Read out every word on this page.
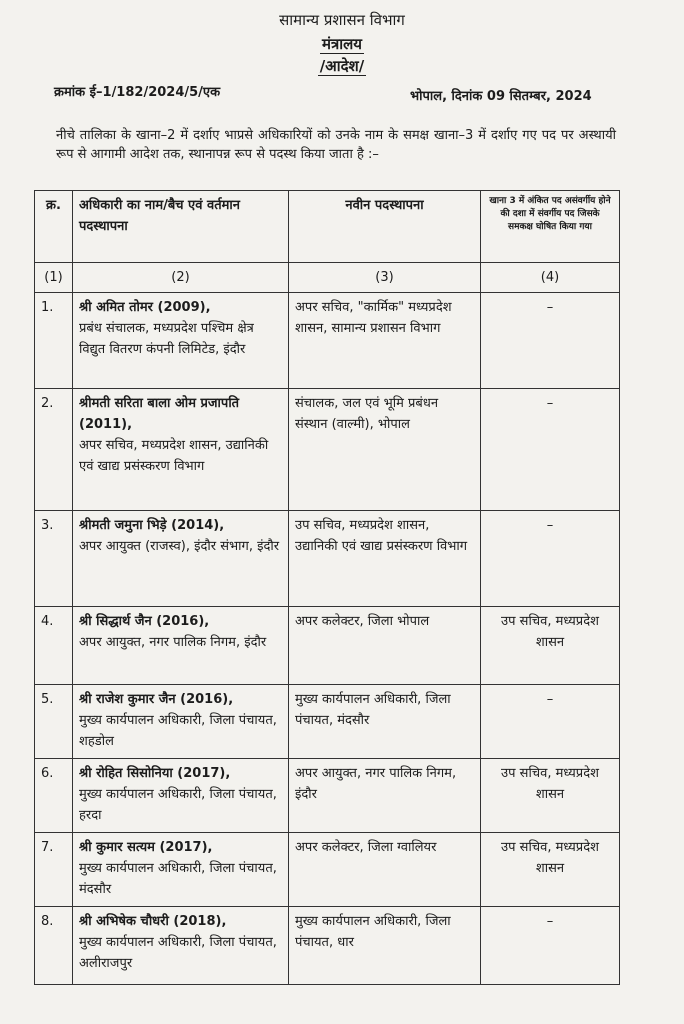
सामान्य प्रशासन विभाग
मंत्रालय
/आदेश/
क्रमांक ई–1/182/2024/5/एक	भोपाल, दिनांक 09 सितम्बर, 2024
नीचे तालिका के खाना–2 में दर्शाए भाप्रसे अधिकारियों को उनके नाम के समक्ष खाना–3 में दर्शाए गए पद पर अस्थायी रूप से आगामी आदेश तक, स्थानापन्न रूप से पदस्थ किया जाता है :–
क्र.	अधिकारी का नाम/बैच एवं वर्तमान पदस्थापना	नवीन पदस्थापना	खाना 3 में अंकित पद असंवर्गीय होने की दशा में संवर्गीय पद जिसके समकक्ष घोषित किया गया
(1)	(2)	(3)	(4)
1.	श्री अमित तोमर (2009),
प्रबंध संचालक, मध्यप्रदेश पश्चिम क्षेत्र विद्युत वितरण कंपनी लिमिटेड, इंदौर	अपर सचिव, "कार्मिक" मध्यप्रदेश शासन, सामान्य प्रशासन विभाग	–
2.	श्रीमती सरिता बाला ओम प्रजापति (2011),
अपर सचिव, मध्यप्रदेश शासन, उद्यानिकी एवं खाद्य प्रसंस्करण विभाग	संचालक, जल एवं भूमि प्रबंधन संस्थान (वाल्मी), भोपाल	–
3.	श्रीमती जमुना भिड़े (2014),
अपर आयुक्त (राजस्व), इंदौर संभाग, इंदौर	उप सचिव, मध्यप्रदेश शासन, उद्यानिकी एवं खाद्य प्रसंस्करण विभाग	–
4.	श्री सिद्धार्थ जैन (2016),
अपर आयुक्त, नगर पालिक निगम, इंदौर	अपर कलेक्टर, जिला भोपाल	उप सचिव, मध्यप्रदेश शासन
5.	श्री राजेश कुमार जैन (2016),
मुख्य कार्यपालन अधिकारी, जिला पंचायत, शहडोल	मुख्य कार्यपालन अधिकारी, जिला पंचायत, मंदसौर	–
6.	श्री रोहित सिसोनिया (2017),
मुख्य कार्यपालन अधिकारी, जिला पंचायत, हरदा	अपर आयुक्त, नगर पालिक निगम, इंदौर	उप सचिव, मध्यप्रदेश शासन
7.	श्री कुमार सत्यम (2017),
मुख्य कार्यपालन अधिकारी, जिला पंचायत, मंदसौर	अपर कलेक्टर, जिला ग्वालियर	उप सचिव, मध्यप्रदेश शासन
8.	श्री अभिषेक चौधरी (2018),
मुख्य कार्यपालन अधिकारी, जिला पंचायत, अलीराजपुर	मुख्य कार्यपालन अधिकारी, जिला पंचायत, धार	–
